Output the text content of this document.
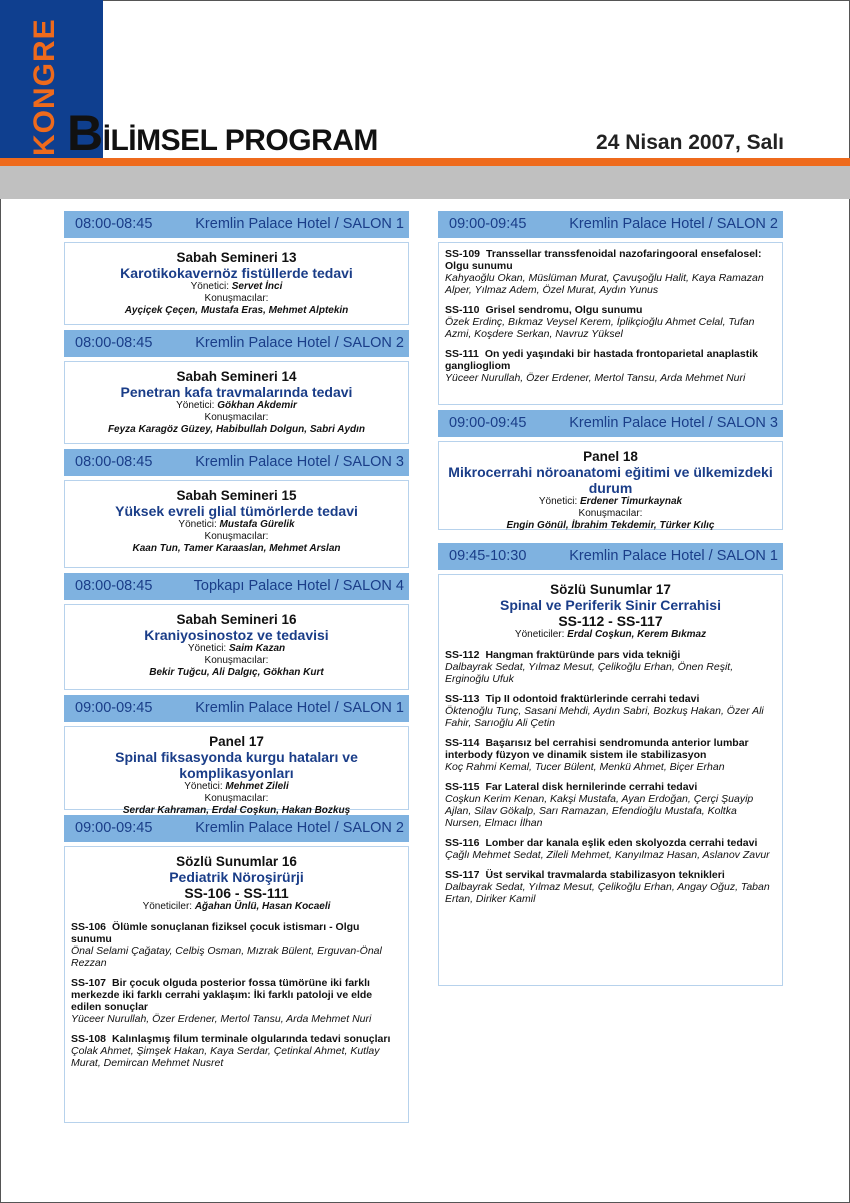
KONGRE BİLİMSEL PROGRAM	24 Nisan 2007, Salı
08:00-08:45	Kremlin Palace Hotel / SALON 1
Sabah Semineri 13
Karotikokavernöz fistüllerde tedavi
Yönetici: Servet İnci
Konuşmacılar:
Ayçiçek Çeçen, Mustafa Eras, Mehmet Alptekin
08:00-08:45	Kremlin Palace Hotel / SALON 2
Sabah Semineri 14
Penetran kafa travmalarında tedavi
Yönetici: Gökhan Akdemir
Konuşmacılar:
Feyza Karagöz Güzey, Habibullah Dolgun, Sabri Aydın
08:00-08:45	Kremlin Palace Hotel / SALON 3
Sabah Semineri 15
Yüksek evreli glial tümörlerde tedavi
Yönetici: Mustafa Gürelik
Konuşmacılar:
Kaan Tun, Tamer Karaaslan, Mehmet Arslan
08:00-08:45	Topkapı Palace Hotel / SALON 4
Sabah Semineri 16
Kraniyosinostoz ve tedavisi
Yönetici: Saim Kazan
Konuşmacılar:
Bekir Tuğcu, Ali Dalgıç, Gökhan Kurt
09:00-09:45	Kremlin Palace Hotel / SALON 1
Panel 17
Spinal fiksasyonda kurgu hataları ve komplikasyonları
Yönetici: Mehmet Zileli
Konuşmacılar:
Serdar Kahraman, Erdal Coşkun, Hakan Bozkuş
09:00-09:45	Kremlin Palace Hotel / SALON 2
Sözlü Sunumlar 16
Pediatrik Nöroşirürji
SS-106 - SS-111
Yöneticiler: Ağahan Ünlü, Hasan Kocaeli
SS-106 Ölümle sonuçlanan fiziksel çocuk istismarı - Olgu sunumu
Önal Selami Çağatay, Celbiş Osman, Mızrak Bülent, Erguvan-Önal Rezzan
SS-107 Bir çocuk olguda posterior fossa tümörüne iki farklı merkezde iki farklı cerrahi yaklaşım: İki farklı patoloji ve elde edilen sonuçlar
Yüceer Nurullah, Özer Erdener, Mertol Tansu, Arda Mehmet Nuri
SS-108 Kalınlaşmış filum terminale olgularında tedavi sonuçları
Çolak Ahmet, Şimşek Hakan, Kaya Serdar, Çetinkal Ahmet, Kutlay Murat, Demircan Mehmet Nusret
09:00-09:45	Kremlin Palace Hotel / SALON 2
SS-109 Transsellar transsfenoidal nazofaringooral ensefalosel: Olgu sunumu
Kahyaoğlu Okan, Müslüman Murat, Çavuşoğlu Halit, Kaya Ramazan Alper, Yılmaz Adem, Özel Murat, Aydın Yunus
SS-110 Grisel sendromu, Olgu sunumu
Özek Erdinç, Bıkmaz Veysel Kerem, İplikçioğlu Ahmet Celal, Tufan Azmi, Koşdere Serkan, Navruz Yüksel
SS-111 On yedi yaşındaki bir hastada frontoparietal anaplastik gangliogliom
Yüceer Nurullah, Özer Erdener, Mertol Tansu, Arda Mehmet Nuri
09:00-09:45	Kremlin Palace Hotel / SALON 3
Panel 18
Mikrocerrahi nöroanatomi eğitimi ve ülkemizdeki durum
Yönetici: Erdener Timurkaynak
Konuşmacılar:
Engin Gönül, İbrahim Tekdemir, Türker Kılıç
09:45-10:30	Kremlin Palace Hotel / SALON 1
Sözlü Sunumlar 17
Spinal ve Periferik Sinir Cerrahisi
SS-112 - SS-117
Yöneticiler: Erdal Coşkun, Kerem Bıkmaz
SS-112 Hangman fraktüründe pars vida tekniği
Dalbayrak Sedat, Yılmaz Mesut, Çelikoğlu Erhan, Önen Reşit, Erginoğlu Ufuk
SS-113 Tip II odontoid fraktürlerinde cerrahi tedavi
Öktenoğlu Tunç, Sasani Mehdi, Aydın Sabri, Bozkuş Hakan, Özer Ali Fahir, Sarıoğlu Ali Çetin
SS-114 Başarısız bel cerrahisi sendromunda anterior lumbar interbody füzyon ve dinamik sistem ile stabilizasyon
Koç Rahmi Kemal, Tucer Bülent, Menkü Ahmet, Biçer Erhan
SS-115 Far Lateral disk hernilerinde cerrahi tedavi
Coşkun Kerim Kenan, Kakşi Mustafa, Ayan Erdoğan, Çerçi Şuayip Ajlan, Silav Gökalp, Sarı Ramazan, Efendioğlu Mustafa, Koltka Nursen, Elmacı İlhan
SS-116 Lomber dar kanala eşlik eden skolyozda cerrahi tedavi
Çağlı Mehmet Sedat, Zileli Mehmet, Kanyılmaz Hasan, Aslanov Zavur
SS-117 Üst servikal travmalarda stabilizasyon teknikleri
Dalbayrak Sedat, Yılmaz Mesut, Çelikoğlu Erhan, Angay Oğuz, Taban Ertan, Diriker Kamil
